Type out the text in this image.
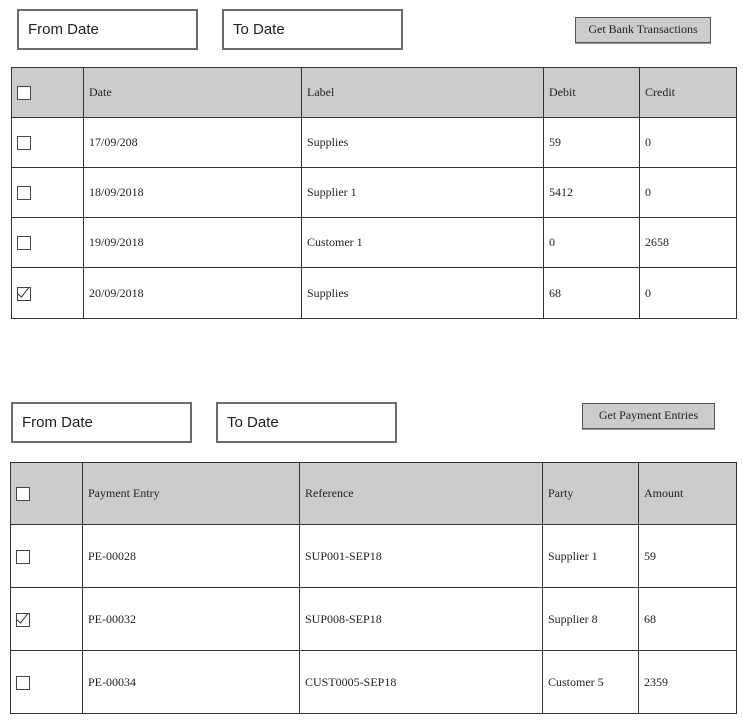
From Date	To Date	Get Bank Transactions
	Date	Label	Debit	Credit
	17/09/208	Supplies	59	0
	18/09/2018	Supplier 1	5412	0
	19/09/2018	Customer 1	0	2658
	20/09/2018	Supplies	68	0
From Date	To Date	Get Payment Entries
	Payment Entry	Reference	Party	Amount
	PE-00028	SUP001-SEP18	Supplier 1	59
	PE-00032	SUP008-SEP18	Supplier 8	68
	PE-00034	CUST0005-SEP18	Customer 5	2359
